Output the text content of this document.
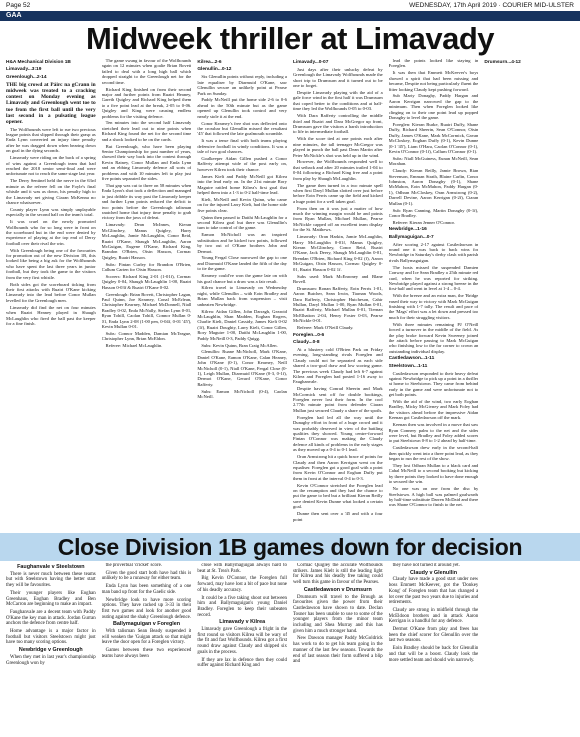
Page 52	WEDNESDAY, 17th April 2019 · COURIER MID-ULSTER
GAA
Midweek thriller at Limavady

H&A Mechanical Division 1B

Limavady...3:19

Greenlough...2-14

THE big crowd at Páirc na gCrann in midweek was treated to a cracking contest on Monday evening as Limavady and Greenlough went toe to toe from the first ball until the very last second in a pulsating league opener.

The Wolfhounds were left to rue two precious league points that slipped through their grasp as Enda Lynn converted an injury time penalty after he was dragged down when bearing down on goal in the dying seconds.

Limavady were riding on the back of a spring of wins against a Greenlough team that had reached the 2018 senior semi-final and were unfortunate not to reach the same stage last year.

The Derry Sentinel held the nerve in the 63rd minute as the referee fell on the Foyle's final whistle and it was as down, his penalty high to the Limavady net giving Ciaran McKenna no chance whatsoever.

County player Lynn was simply unplayable especially in the second half on the team's total.

It was cruel on the newly promoted Wolfhounds who for so long were in front on the scoreboard but in the end were denied by experience of playing at the top end of Derry football over their rival the win.

With Greenlough being one of the favourites for promotion out of the new Division 1B, this looked like being a big ask for the Wolfhounds who have spent the last three years in junior football, but they took the game to the visitors from the very first whistle.

Both sides got the scoreboard ticking from their first attacks with Ruairi O'Kane kicking Limavady into the lead before Conor Mullan levelled for the Greenlough men.

Limavady did find the net on four minutes when Ruairi Heaney played in Shaugh McLaughlin who fired the ball past the keeper for a fine finish.

The game swung in favour of the Wolfhounds again on 12 minutes when goalie Brian Bovett failed to deal with a long high ball which dropped straight to the Greenlough net for the second time.

Richard King finished on from their second major and further points from Ruairi Heaney, Gareth Quigley and Richard King helped them to a five point lead at the break, 2-05 to 0-06. Quigley and King were causing endless problems for the visiting defence.

Ten minutes into the second half Limavady stretched their lead out to nine points when Richard King found the net for the second time and a shock looked to be on the cards.

But Greenlough, who have been playing Senior Championship for past number of years, showed their way back into the contest through Kevin Rainey, Conor Mullan and Enda Lynn and an ebbing Limavady defence all sorts of problems and with 10 minutes left to play just five points separated the sides.

That gap was cut to three on 58 minutes when Enda Lynn's shot took a deflection and managed to just dribble its way past the Limavady keeper and further Lynn points reduced the deficit to two points before the Greenlough talisman snatched home that injury time penalty to grab victory from the jaws of defeat.

Limavady: Dean McInnes, Kieran McGlinchey, Manus Quigley, Harry McLaughlin, Jamie McLaughlin, Conor Reid, Ruairi O'Kane, Shaugh McLaughlin, Aaron McGuigan, Eugene O'Kane, Richard King, Brandon O'Brien, Oisin Hasson, Cormac Quigley, Ruairi Hasson.

Subs: Fintan Curley for Brandon O'Brien, Callum Carten for Oisin Hasson.

Scorers: Richard King 2-01 (1-01f), Cormac Quigley 0-04, Shaugh McLaughlin 1-00, Ruairi Hasson 0-03f & Ruairi O'Kane 0-02.

Greenlough: Brian Bovett, Christopher Lagan, Paul Quinn, Joe Kearney, Conal McErlean, Christopher Kearney, Michael McDonnell, Niall Bradley 0-02, Enda McNally, Stefan Lynn 0-01, Ryan Tohill, Caolan Tohill, Connor Mullan 0-01, Enda Lynn 2-08 (1-00 pen, 0-04f, 0-01 '45'), Kevin Mullan 0-01.

Subs: Connor Madden, Damian McTeague, Christopher Lynn, Brian McEldon.

Referee: Michael McLaughlin.

Kilrea...2-6

Glenullin...0-12

Six Glenullin points without reply, including a late equaliser by Diarmuid O'Kane, saw Glenullin secure an unlikely point at Pearse Park on Sunday.

Paddy McNeill put the home side 2-6 to 0-6 ahead in the 50th minute but as the game opened up Glenullin took control and very nearly stole it at the end.

Conor Kearney's free shot was deflected onto the crossbar but Glenullin missed the resultant '45' that followed the late goalmouth scramble.

It was a tense final with both teams playing defensive football in windy conditions. It was a tale of two goal chances.

Goalkeeper Aidan Gillen pushed a Conor Rafferty attempt wide of the post early on, however Kilrea took their chance.

James Kielt and Paddy McNeill got Kilrea into the lead early on. In the 21st minute Rory Maguire rattled home Kilrea's first goal that helped them into a 1-3 to 0-2 half-time lead.

Kielt, McNeill and Kevin Quinn, who came on for the injured Larry Kielt, had the home side five points clear.

Quinn then passed to Daithi McLaughlin for a second Kilrea goal but there was Glenullin's turn to take control of the game.

Eamon McNicholl was an inspired substitution and he kicked two points, followed by two out of O'Kane brothers John and Dermot.

Young Fergal Close narrowed the gap to one and Diarmuid O'Kane landed the fifth of the day to tie the game.

Kearney could've won the game late on with his goal chance but a draw was a fair result.

Kilrea travel to Limavady on Wednesday night, while Glenullin – with Eoin Bradley and Brian Mullan back from suspension – visit unbeaten Newbridge.

Kilrea: Aidan Gillen, John Darragh, Gearoid McLaughlin, Shan Madden, Eoghan Rogers, Charlie Kielt, Daniel Cassidy, James Kielt 0-02 (1f), Ruairi Doughty, Larry Kielt, Conor Gillen, Rory Maguire 1-00, Daithi McLaughlin 1-00, Paddy McNeill 0-3, Paddy Quigg.

Subs: Kevin Quinn, Bran Craig McAllen.

Glenullin: Ruane McNicholl, Mark O'Kane, Daniel O'Kane, Eamon O'Kane, Calan Heaney, John O'Kane (0-1), Conor Kearney, Neill McNicholl (0-1), Niall O'Kane, Fergal Close (0-1), Leigh Mullan, Diarmuid O'Kane (0-3, 0-1f), Dermot O'Kane, Gerard O'Kane, Conor Rafferty.

Subs: Eamon McNicholl (0-4), Caolan McNeill.

Limavady...0-07

Just days after their unlucky defeat by Greenlough the Limavady Wolfhounds made the short trip to Drumsurn and it turned out to be one to forget.

Despite Limavady playing with the aid of a gale force wind in the first half it was Drumsurn that coped better to the conditions and at half-time they led the Wolfhounds 0-05 to 0-03.

With Dara Rafferty controlling the middle third and Ruairi and Dara McGregor up front, Drumsurn gave the visitors a harsh introduction to life in intermediate football.

With the score tied at one points each after nine minutes, the tall teenager McGregor was played in punch the ball past Dean Martin after Peter McNickle's shot was held up in the wind.

However, the Wolfhounds responded well to that setback and after 20 minutes trailed 1-04 to 0-04 following a Richard King free and a point from play by Shaugh McLaughlin.

The game then turned in a two minute spell when first Daryl Mullan slotted over just before before Eoin Ferris came up the field and kicked a huge point for a well taken goal.

From then on it was just a matter of how much the winning margin would be and points from Ryan Mullan, Michael Mullan, Pearse McNickle capped off an excellent team display for the St. Matthews.

Limavady: Oran Harkin, Jamie McLaughlin, Harry McLaughlin 0-01f, Manus Quigley, Kieran McGlinchey, Conor Reid, Ruairi O'Kane, Jack Deery, Shaugh McLaughlin 0-01, Brendan O'Brien, Richard King 0-02 (f), Aaron McGuigan, Oisin Hasson, Cormac Quigley 0-01, Ruairi Hasson 0-02 1f.

Subs used: Mark McEnroney and Blane Bovell.

Drumsurn: Ronan Rafferty, Eoin Ferris 1-01, Aaron Butcher, Sean Irwin, Tiarnan Woods, Dara Rafferty, Christopher Hutcheson, Cahir Mullan, Daryl Mullan 1-00, Ryan Mullan 0-01, Ruairi Rafferty, Michael Mullan 0-01, Tiernan McElhatton 2-04, Henry Foster 0-03, Pearse McNickle 0-01.

Referee: Mark O'Neill Claudy.

Foreglen...0-6

Claudy...0-8

At a blustery cold O'Brien Park on Friday evening, long-standing rivals Foreglen and Claudy could not be separated as each side shared a two-goal draw and low scoring game. The previous week Claudy had left 6-7 against Kilrea and Foreglen had posted 1-16 away to Faughanvale.

Despite having Conrad Sheerin and Mark McCormick sent off for double bookings, Foreglen never lost their form. In the cool 2.77th minute point from defender Ciaran Mullan just secured Claudy a share of the spoils.

Foreglen had led all the way until the Dunaghy effort in front of a huge crowd and it was probably deserved in view of the battling qualities they showed. Young centre-forward Fintan O'Connor was making the Claudy defence all kinds of problems in the early stages as they moved up a 0-4 to 0-1 lead.

Oran Armstrong hit a quick brace of points for Claudy and then Aaron Kerrigan went on the equaliser. Foreglen got a good goal with a point from Kevin O'Connor and Eoghan Duffy put them in front at the interval 0-4 to 0-3.

Kevin O'Connor stretched the Foreglen lead on the resumption and they had the chance to put the game to bed but a brilliant Kieran Reilly save denied Kevin Dunne what looked a certain goal.

Dunne then sent over a '45 and with a four point

lead the points looked like staying in Foreglen.

It was then that Emmett McKeever's boys showed a spirit that had been missing and became, Despite not being particularly fluent the fitter looking Claudy kept pushing forward.

Sub Marty Donaghy, Paddy Hargan and Aaron Kerrigan narrowed the gap to the minimum. Then when Foreglen looked like clinging on to their one point lead up popped Donaghy to level the game.

Foreglen: Kieran Burke, Ruairi Duffy, Shane Duffy, Richard Sheerin, Sean O'Connor, Oisin Duffy, James O'Kane, Mark McCormick, Gavan McCloskey, Eoghan Duffy (0-1), Kevin Dunne (0-1 '45'), Liam O'Hara, Caolan O'Connor (0-1), Kevin O'Connor (0-1f), Callum O'Connor (0-1).

Subs: Niall McGuiness, Eunan McNeill, Sean Morahan.

Claudy: Kieran Reilly, Jamie Brown, Rian Stevenson, Emman Strath, Blaine Carlin, Conor Johnston, Aaron Donaghy (0-1), Shane McMahon, Eoin McMahon, Paddy Hargan (0-1), Odhran McCloskey, Oran Armstrong (0-2), Darrell Devine, Aaron Kerrigan (0-2f), Ciaran Mullan (0-1).

Sub: Ryan Canning, Martin Donaghy (0-1f), Conor Bradley.

Referee: Kieran Jenner O'Connor.

Newbridge...1-16

Ballymaguigan...0-7

After scoring 2-17 against Castledawson in round one it was back to back wins for Newbridge in Saturday's derby clash with parish rivals Ballymaguigan.

The hosts missed the suspended Damien Conway and Ice Sean Bradley a 25th minute red card, when he was reported for striking. Newbridge played against a strong breeze in the first-half and went in level at 1-4 – 0-4.

With the breeze and an extra man, the 'Bridge eased their way to victory with Mark McGuigan finishing with 1-7 tally. The result and pace of the 'Mags' effort was a let down and pressed too much for their struggling visitors.

With three minutes remaining PJ O'Neill forced a turnover in the middle of the field. As the play broke forward Kevin Sweeney joined the attack before passing to Mark McGuigan who finishing low to the far corner to crown an outstanding individual display.

Castledawson...1-11

Steelstown...1-11

Castledawson responded to their heavy defeat against Newbridge to pick up a point in a thriller at home to Steelstown. They came from behind early in the game and were unfortunate not to get both points.

With the aid of the wind, two early Eoghan Bradley, Micky McGivney and Mark Foley had the visitors ahead before the impressive Aidan Keenan got Castledawson off the mark.

Keenan then was involved in a move that saw Ryan Connery palm to the net and the sides were level, but Bradley and Foley added scores to put Steelstown 0-8 to 1-2 ahead by half-time.

Castledawson drew early in the second-half then quickly went into a three point lead, as they began to run the rest of the show.

They lost Odhran Mullan to a black card and Cahal McNeill to a second booking but kicking by three points they looked to have done enough to secured the win.

No one was on one from the disc by Steelstown. A high ball was palmed goalwards by half-time substitute Darren McDaid and there was Shane O'Connor to finish to the net.

Drumsurn...4-12

Close Division 1B games down for decision

Faughanvale v Steelstown

There is never much between these teams but with Steelstown having the better start they will be favourites.

Their younger players like Eoghan Greenhaus, Eoghan Bradley and Ben McCarron are beginning to make an impact.

Faughanvale are a decent team with Paddy O'Kane the key man in attack. Jordan Gurran anchors the defence from centre half.

Home advantage is a major factor in football but visitors Steelstown might just have too many scoring options.

Newbridge v Greenlough

When they met in last year's championship Greenlough won by

the proverbial 'cricket' score.

Given the good start both have had this is unlikely to be a runaway for either team.

Enda Lynn has been something of a one man band up front for the Gaelic side.

Newbridge look to have more scoring options. They have racked up 3-33 in their first two games and look for another good outing against the shaky Greenlough defence.

Ballymaguigan v Foreglen

With talisman Sean Beady suspended it will weaken the 'Guigan attack so that might leave the door open for a Foreglen victory.

Games between these two experienced teams have always been

close with Ballymaguigan always hard to beat at St. Trea's Park.

Big Kevin O'Connor, the Foreglen full forward, may have lost a bit of pace but none of his deadly accuracy.

It could be a five taking shoot out between him and Ballymaguigan's young Daniel Bradley. Foreglen to keep their unbeaten record.

Limavady v Kilrea

Limavady gave Greenlough a fright in the first round so visitors Kilrea will be wary of the fit and fast Wolfhounds. Kilrea got a first round draw against Claudy and shipped six goals in the process.

If they are lax in defence then they could suffer against Richard King and

Cormac Quigley the accurate Wolfhounds strikers. James Kielt is still the leading light for Kilrea and his deadly free taking could well turn this game in favour of the Pearses.

Castledawson v Drumsurn

Drumsurn will travel to the Brough as favourites given the power from their Castledawson have shown to date. Declan Tosner has been unable to use to some of the younger players from the minor team including and Shea Murray and this has given him a much stronger hand.

New Dawson manager Paddy McGoldrick has work to do to get his team going in the manner of the last few seasons. Towards the end of last season their form suffered a blip and

they have not turned it around yet.

Claudy v Glenullin

Claudy have made a good start under new boss Emmett McKeever, got the 'Donkey Kong' of Foreglen team that has changed a lot over the past two years due to injuries and retirements.

Claudy are strong in midfield through the McEldoon brothers and in attack Aaron Kerrigan is a handful for any defence.

Dermot O'Kane from play and frees has been the chief scorer for Glenullin over the last two seasons.

Eoin Bradley should be back for Glenullin and that will be a boost. Claudy look the more settled team and should win narrowly.
